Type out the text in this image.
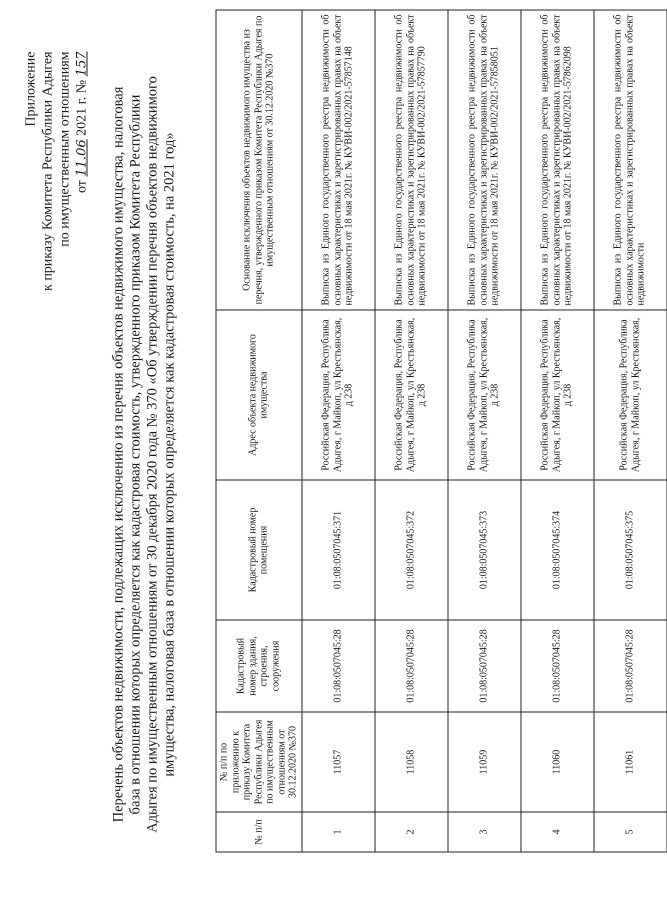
Приложение к приказу Комитета Республики Адыгея по имущественным отношениям от 11.06 2021 г. № 157
Перечень объектов недвижимости, подлежащих исключению из перечня объектов недвижимого имущества, налоговая база в отношении которых определяется как кадастровая стоимость, утвержденного приказом Комитета Республики Адыгея по имущественным отношениям от 30 декабря 2020 года № 370 «Об утверждении перечня объектов недвижимого имущества, налоговая база в отношении которых определяется как кадастровая стоимость, на 2021 год»
№ п/п	№ п/п по приложению к приказу Комитета Республики Адыгея по имущественным отношениям от 30.12.2020 №370	Кадастровый номер здания, строения, сооружения	Кадастровый номер помещения	Адрес объекта недвижимого имущества	Основание исключения объектов недвижимого имущества из перечня, утвержденного приказом Комитета Республики Адыгея по имущественным отношениям от 30.12.2020 №370
1	11057	01:08:0507045:28	01:08:0507045:371	Российская Федерация, Республика Адыгея, г Майкоп, ул Крестьянская, д 238	Выписка из Единого государственного реестра недвижимости об основных характеристиках и зарегистрированных правах на объект недвижимости от 18 мая 2021г. № КУВИ-002/2021-57857148
2	11058	01:08:0507045:28	01:08:0507045:372	Российская Федерация, Республика Адыгея, г Майкоп, ул Крестьянская, д 238	Выписка из Единого государственного реестра недвижимости об основных характеристиках и зарегистрированных правах на объект недвижимости от 18 мая 2021г. № КУВИ-002/2021-57857790
3	11059	01:08:0507045:28	01:08:0507045:373	Российская Федерация, Республика Адыгея, г Майкоп, ул Крестьянская, д 238	Выписка из Единого государственного реестра недвижимости об основных характеристиках и зарегистрированных правах на объект недвижимости от 18 мая 2021г. № КУВИ-002/2021-57858051
4	11060	01:08:0507045:28	01:08:0507045:374	Российская Федерация, Республика Адыгея, г Майкоп, ул Крестьянская, д 238	Выписка из Единого государственного реестра недвижимости об основных характеристиках и зарегистрированных правах на объект недвижимости от 18 мая 2021г. № КУВИ-002/2021-57862098
5	11061	01:08:0507045:28	01:08:0507045:375	Российская Федерация, Республика Адыгея, г Майкоп, ул Крестьянская,	Выписка из Единого государственного реестра недвижимости об основных характеристиках и зарегистрированных правах на объект недвижимости
